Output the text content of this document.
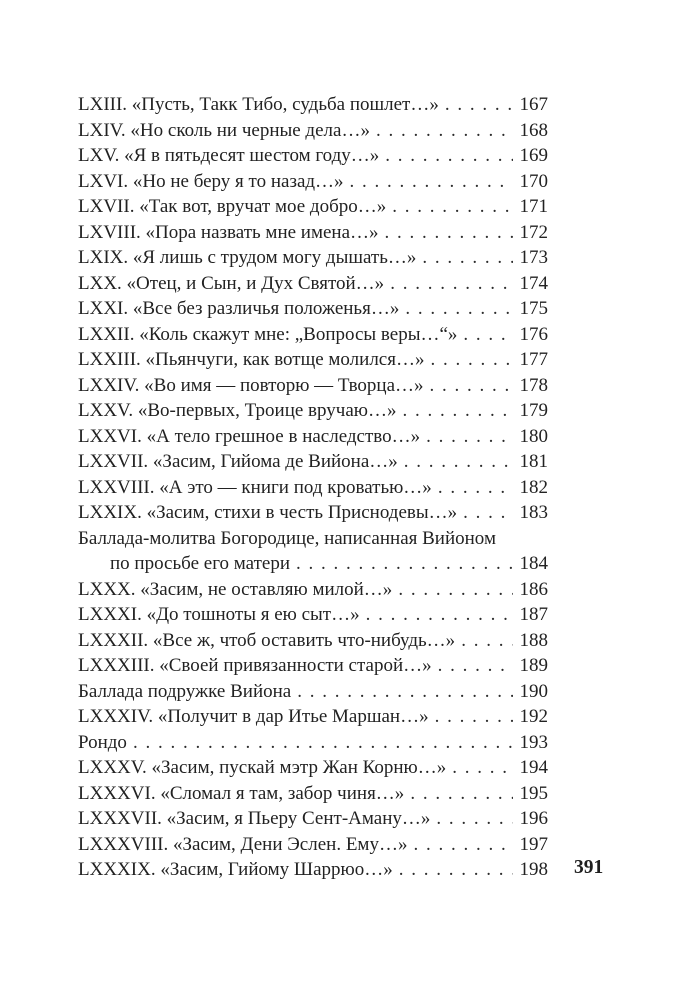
LXIII. «Пусть, Такк Тибо, судьба пошлет…» . . .	167
LXIV. «Но сколь ни черные дела…» . . .	168
LXV. «Я в пятьдесят шестом году…» . . .	169
LXVI. «Но не беру я то назад…» . . .	170
LXVII. «Так вот, вручат мое добро…» . . .	171
LXVIII. «Пора назвать мне имена…» . . .	172
LXIX. «Я лишь с трудом могу дышать…» . . .	173
LXX. «Отец, и Сын, и Дух Святой…» . . .	174
LXXI. «Все без различья положенья…» . . .	175
LXXII. «Коль скажут мне: „Вопросы веры…“» . . .	176
LXXIII. «Пьянчуги, как вотще молился…» . . .	177
LXXIV. «Во имя — повторю — Творца…» . . .	178
LXXV. «Во-первых, Троице вручаю…» . . .	179
LXXVI. «А тело грешное в наследство…» . . .	180
LXXVII. «Засим, Гийома де Вийона…» . . .	181
LXXVIII. «А это — книги под кроватью…» . . .	182
LXXIX. «Засим, стихи в честь Приснодевы…» . . .	183
Баллада-молитва Богородице, написанная Вийоном
по просьбе его матери . . .	184
LXXX. «Засим, не оставляю милой…» . . .	186
LXXXI. «До тошноты я ею сыт…» . . .	187
LXXXII. «Все ж, чтоб оставить что-нибудь…» . . .	188
LXXXIII. «Своей привязанности старой…» . . .	189
Баллада подружке Вийона . . .	190
LXXXIV. «Получит в дар Итье Маршан…» . . .	192
Рондо . . .	193
LXXXV. «Засим, пускай мэтр Жан Корню…» . . .	194
LXXXVI. «Сломал я там, забор чиня…» . . .	195
LXXXVII. «Засим, я Пьеру Сент-Аману…» . . .	196
LXXXVIII. «Засим, Дени Эслен. Ему…» . . .	197
LXXXIX. «Засим, Гийому Шаррюо…» . . .	198 391
